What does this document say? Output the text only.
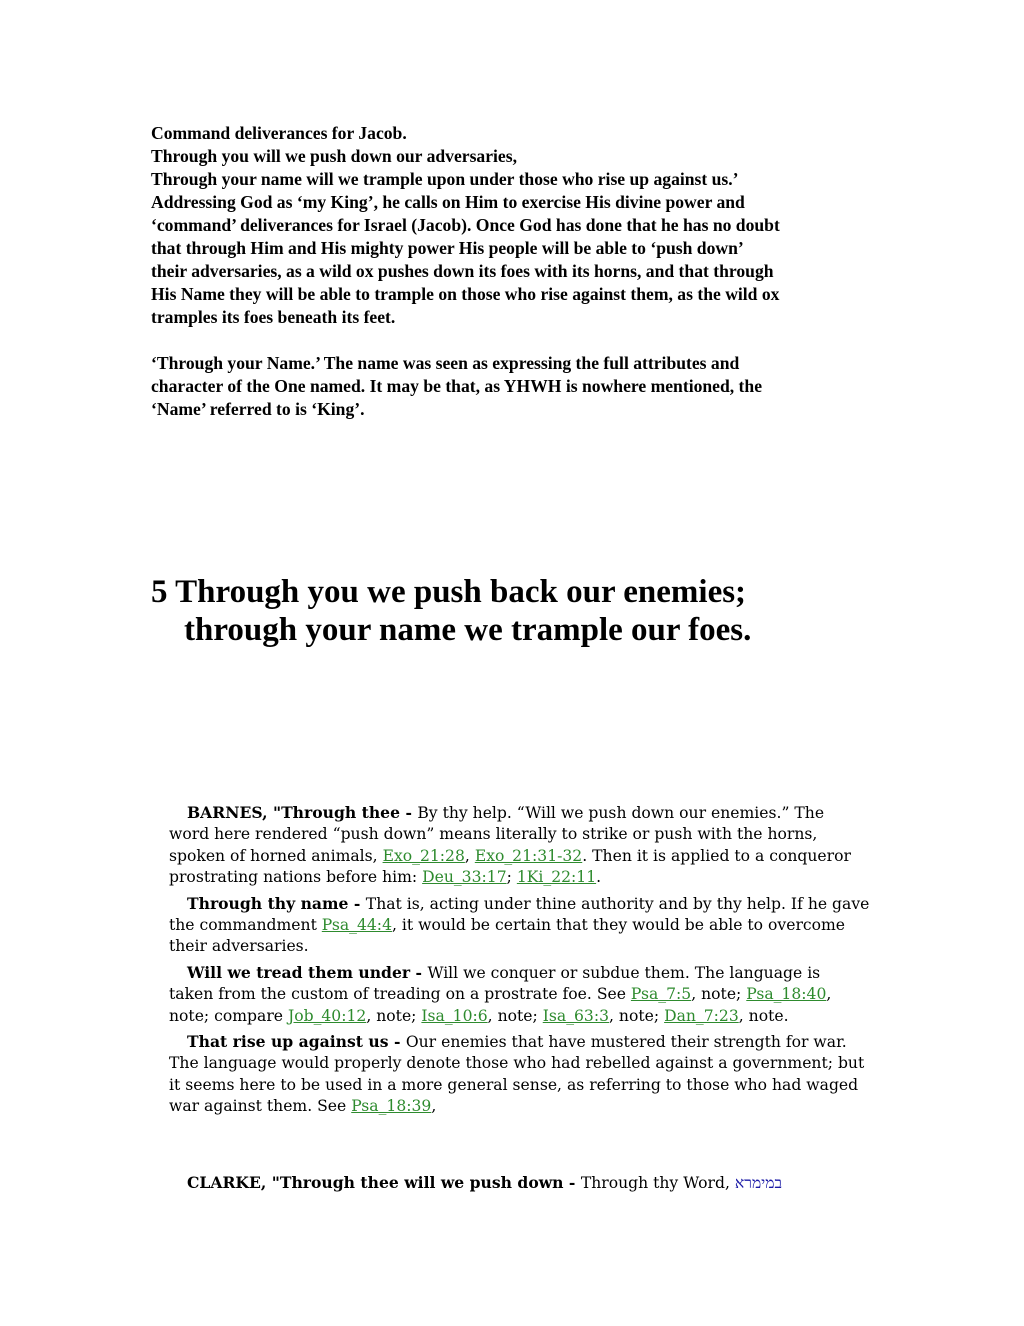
Command deliverances for Jacob.

Through you will we push down our adversaries,

Through your name will we trample upon under those who rise up against us.’

Addressing God as ‘my King’, he calls on Him to exercise His divine power and

‘command’ deliverances for Israel (Jacob). Once God has done that he has no doubt

that through Him and His mighty power His people will be able to ‘push down’

their adversaries, as a wild ox pushes down its foes with its horns, and that through

His Name they will be able to trample on those who rise against them, as the wild ox

tramples its foes beneath its feet.

‘Through your Name.’ The name was seen as expressing the full attributes and

character of the One named. It may be that, as YHWH is nowhere mentioned, the

‘Name’ referred to is ‘King’.

5 Through you we push back our enemies;
through your name we trample our foes.
BARNES, "Through thee - By thy help. “Will we push down our enemies.” The
word here rendered “push down” means literally to strike or push with the horns,
spoken of horned animals, Exo_21:28, Exo_21:31-32. Then it is applied to a conqueror
prostrating nations before him: Deu_33:17; 1Ki_22:11.
Through thy name - That is, acting under thine authority and by thy help. If he gave
the commandment Psa_44:4, it would be certain that they would be able to overcome
their adversaries.
Will we tread them under - Will we conquer or subdue them. The language is
taken from the custom of treading on a prostrate foe. See Psa_7:5, note; Psa_18:40,
note; compare Job_40:12, note; Isa_10:6, note; Isa_63:3, note; Dan_7:23, note.
That rise up against us - Our enemies that have mustered their strength for war.
The language would properly denote those who had rebelled against a government; but
it seems here to be used in a more general sense, as referring to those who had waged
war against them. See Psa_18:39,
CLARKE, "Through thee will we push down - Through thy Word, במימרא
